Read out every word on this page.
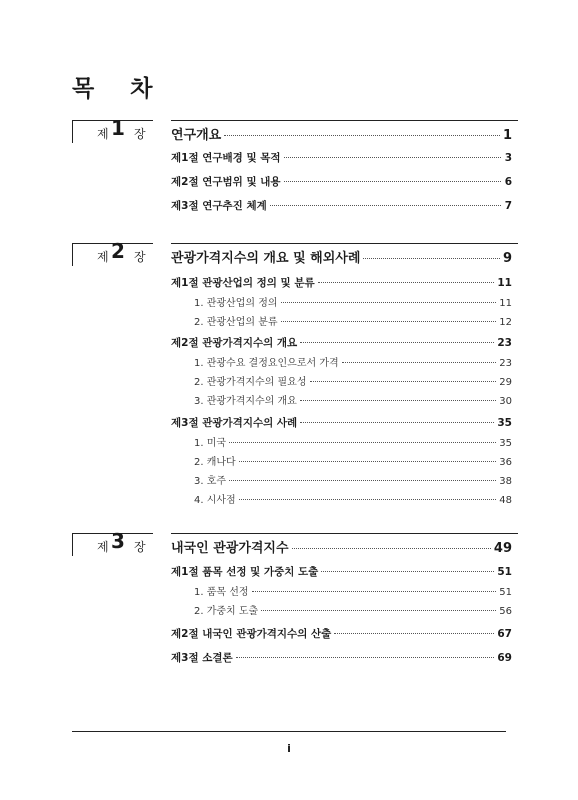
목 차
제 1 장 연구개요	1
제1절 연구배경 및 목적	3
제2절 연구범위 및 내용	6
제3절 연구추진 체계	7
제 2 장 관광가격지수의 개요 및 해외사례	9
제1절 관광산업의 정의 및 분류	11
1. 관광산업의 정의	11
2. 관광산업의 분류	12
제2절 관광가격지수의 개요	23
1. 관광수요 결정요인으로서 가격	23
2. 관광가격지수의 필요성	29
3. 관광가격지수의 개요	30
제3절 관광가격지수의 사례	35
1. 미국	35
2. 캐나다	36
3. 호주	38
4. 시사점	48
제 3 장 내국인 관광가격지수	49
제1절 품목 선정 및 가중치 도출	51
1. 품목 선정	51
2. 가중치 도출	56
제2절 내국인 관광가격지수의 산출	67
제3절 소결론	69
i
